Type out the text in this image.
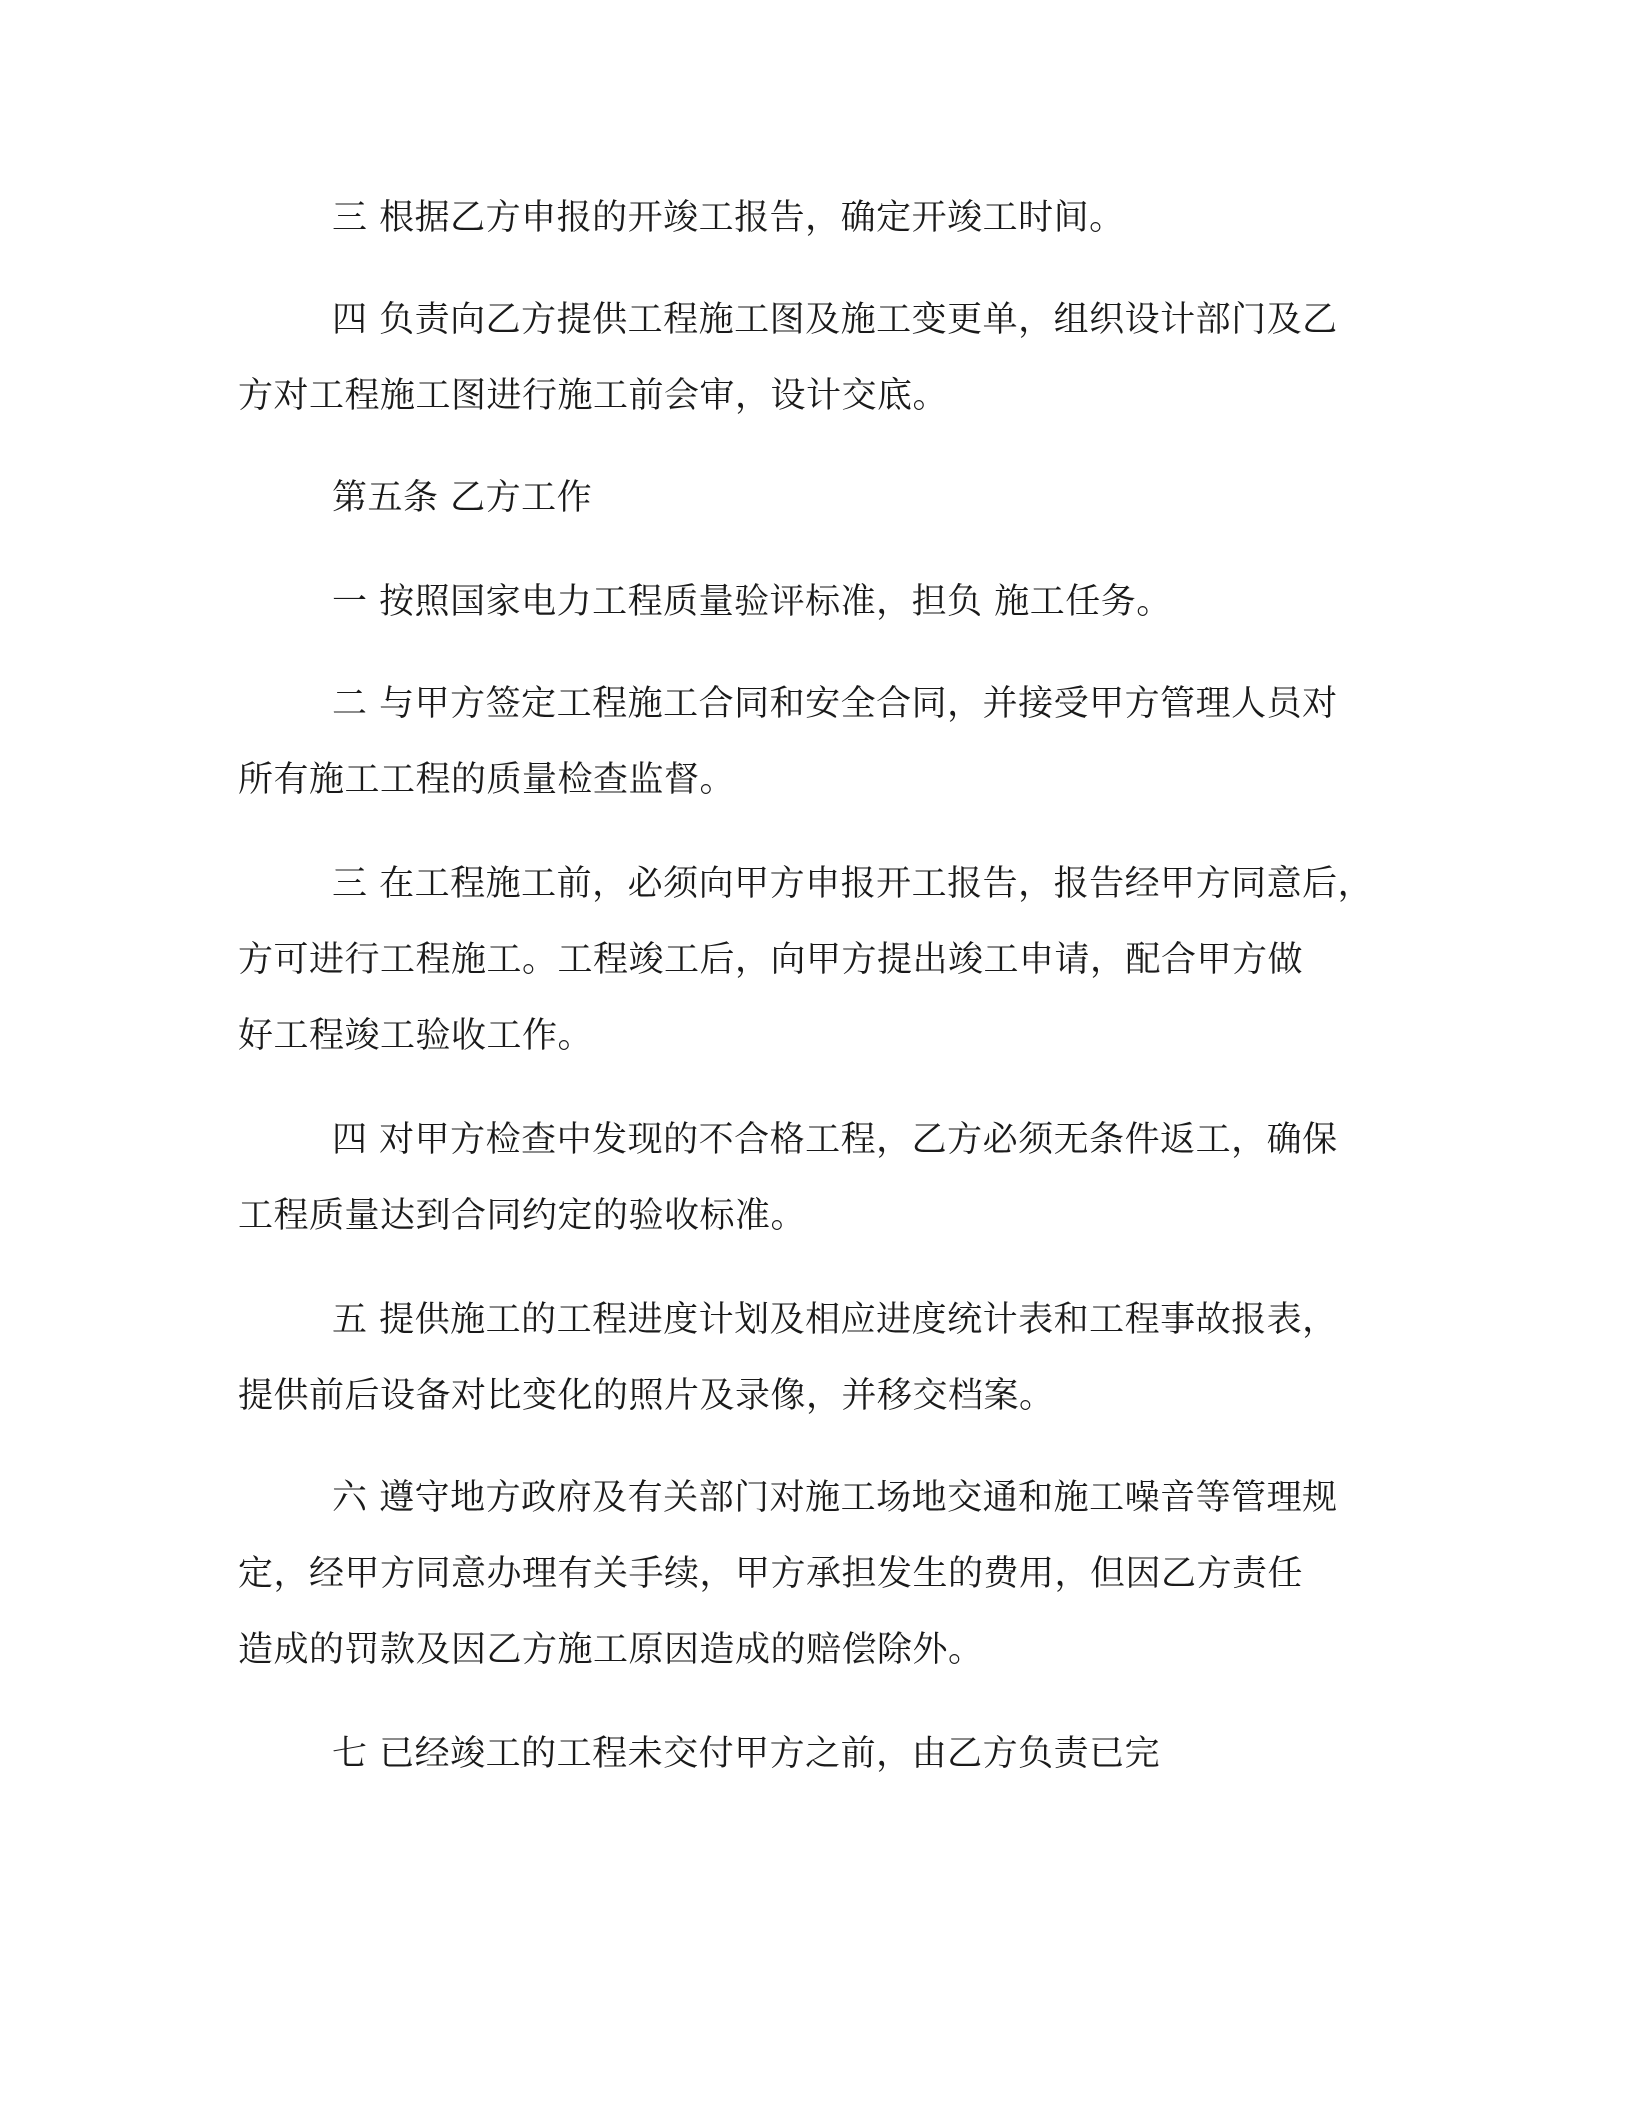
三 根据乙方申报的开竣工报告，确定开竣工时间。
四 负责向乙方提供工程施工图及施工变更单，组织设计部门及乙
方对工程施工图进行施工前会审，设计交底。
第五条 乙方工作
一 按照国家电力工程质量验评标准，担负 施工任务。
二 与甲方签定工程施工合同和安全合同，并接受甲方管理人员对
所有施工工程的质量检查监督。
三 在工程施工前，必须向甲方申报开工报告，报告经甲方同意后，
方可进行工程施工。工程竣工后，向甲方提出竣工申请，配合甲方做
好工程竣工验收工作。
四 对甲方检查中发现的不合格工程，乙方必须无条件返工，确保
工程质量达到合同约定的验收标准。
五 提供施工的工程进度计划及相应进度统计表和工程事故报表，
提供前后设备对比变化的照片及录像，并移交档案。
六 遵守地方政府及有关部门对施工场地交通和施工噪音等管理规
定，经甲方同意办理有关手续，甲方承担发生的费用，但因乙方责任
造成的罚款及因乙方施工原因造成的赔偿除外。
七 已经竣工的工程未交付甲方之前，由乙方负责已完
